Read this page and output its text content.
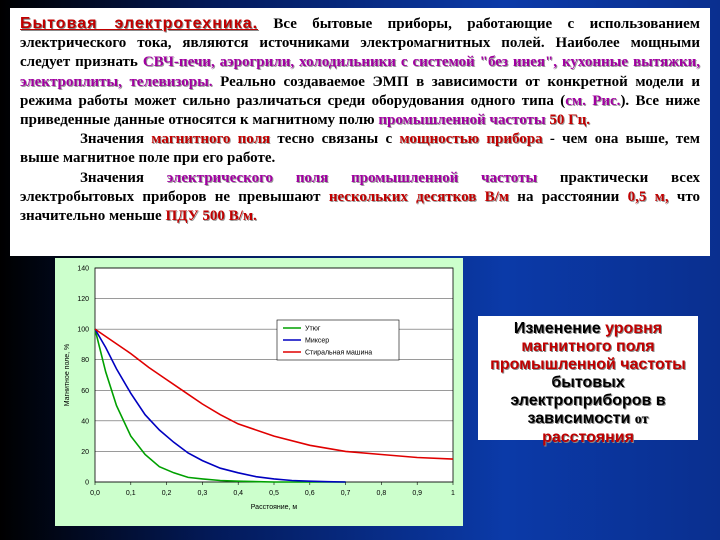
Бытовая электротехника. Все бытовые приборы, работающие с использованием электрического тока, являются источниками электромагнитных полей. Наиболее мощными следует признать СВЧ-печи, аэрогрили, холодильники с системой "без инея", кухонные вытяжки, электроплиты, телевизоры. Реально создаваемое ЭМП в зависимости от конкретной модели и режима работы может сильно различаться среди оборудования одного типа (см. Рис.). Все ниже приведенные данные относятся к магнитному полю промышленной частоты 50 Гц.

Значения магнитного поля тесно связаны с мощностью прибора - чем она выше, тем выше магнитное поле при его работе.

Значения электрического поля промышленной частоты практически всех электробытовых приборов не превышают нескольких десятков В/м на расстоянии 0,5 м, что значительно меньше ПДУ 500 В/м.

0
20
40
60
80
100
120
140
0,0	0,1	0,2	0,3	0,4	0,5	0,6	0,7	0,8	0,9	1
Утюг
Миксер
Стиральная машина
Расстояние, м
Магнитное поле, %
Изменение уровня магнитного поля промышленной частоты бытовых электроприборов в зависимости от расстояния
